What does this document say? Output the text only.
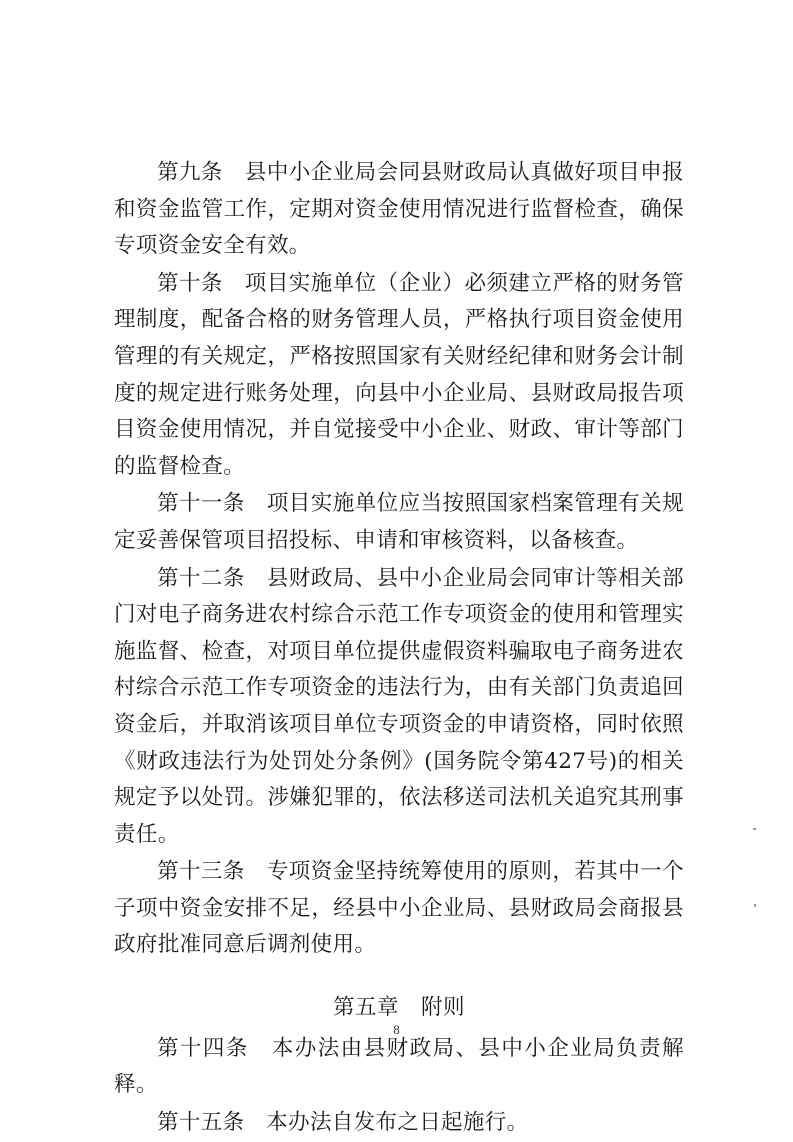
第九条　县中小企业局会同县财政局认真做好项目申报和资金监管工作，定期对资金使用情况进行监督检查，确保专项资金安全有效。

第十条　项目实施单位（企业）必须建立严格的财务管理制度，配备合格的财务管理人员，严格执行项目资金使用管理的有关规定，严格按照国家有关财经纪律和财务会计制度的规定进行账务处理，向县中小企业局、县财政局报告项目资金使用情况，并自觉接受中小企业、财政、审计等部门的监督检查。

第十一条　项目实施单位应当按照国家档案管理有关规定妥善保管项目招投标、申请和审核资料，以备核查。

第十二条　县财政局、县中小企业局会同审计等相关部门对电子商务进农村综合示范工作专项资金的使用和管理实施监督、检查，对项目单位提供虚假资料骗取电子商务进农村综合示范工作专项资金的违法行为，由有关部门负责追回资金后，并取消该项目单位专项资金的申请资格，同时依照《财政违法行为处罚处分条例》(国务院令第427号)的相关规定予以处罚。涉嫌犯罪的，依法移送司法机关追究其刑事责任。

第十三条　专项资金坚持统筹使用的原则，若其中一个子项中资金安排不足，经县中小企业局、县财政局会商报县政府批准同意后调剂使用。

第五章　附则

第十四条　本办法由县财政局、县中小企业局负责解释。

第十五条　本办法自发布之日起施行。

8
